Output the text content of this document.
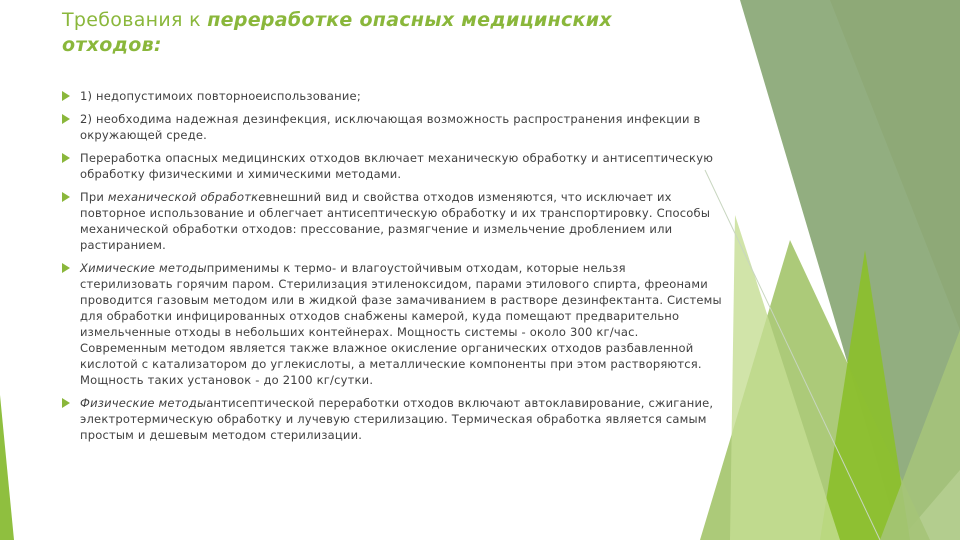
Требования к переработке опасных медицинских
отходов:
1) недопустимоих повторноеиспользование;
2) необходима надежная дезинфекция, исключающая возможность распространения инфекции в окружающей среде.
Переработка опасных медицинских отходов включает механическую обработку и антисептическую обработку физическими и химическими методами.
При механической обработкевнешний вид и свойства отходов изменяются, что исключает их повторное использование и облегчает антисептическую обработку и их транспортировку. Способы механической обработки отходов: прессование, размягчение и измельчение дроблением или растиранием.
Химические методыприменимы к термо- и влагоустойчивым отходам, которые нельзя стерилизовать горячим паром. Стерилизация этиленоксидом, парами этилового спирта, фреонами проводится газовым методом или в жидкой фазе замачиванием в растворе дезинфектанта. Системы для обработки инфицированных отходов снабжены камерой, куда помещают предварительно измельченные отходы в небольших контейнерах. Мощность системы - около 300 кг/час. Современным методом является также влажное окисление органических отходов разбавленной кислотой с катализатором до углекислоты, а металлические компоненты при этом растворяются. Мощность таких установок - до 2100 кг/сутки.
Физические методыантисептической переработки отходов включают автоклавирование, сжигание, электротермическую обработку и лучевую стерилизацию. Термическая обработка является самым простым и дешевым методом стерилизации.
